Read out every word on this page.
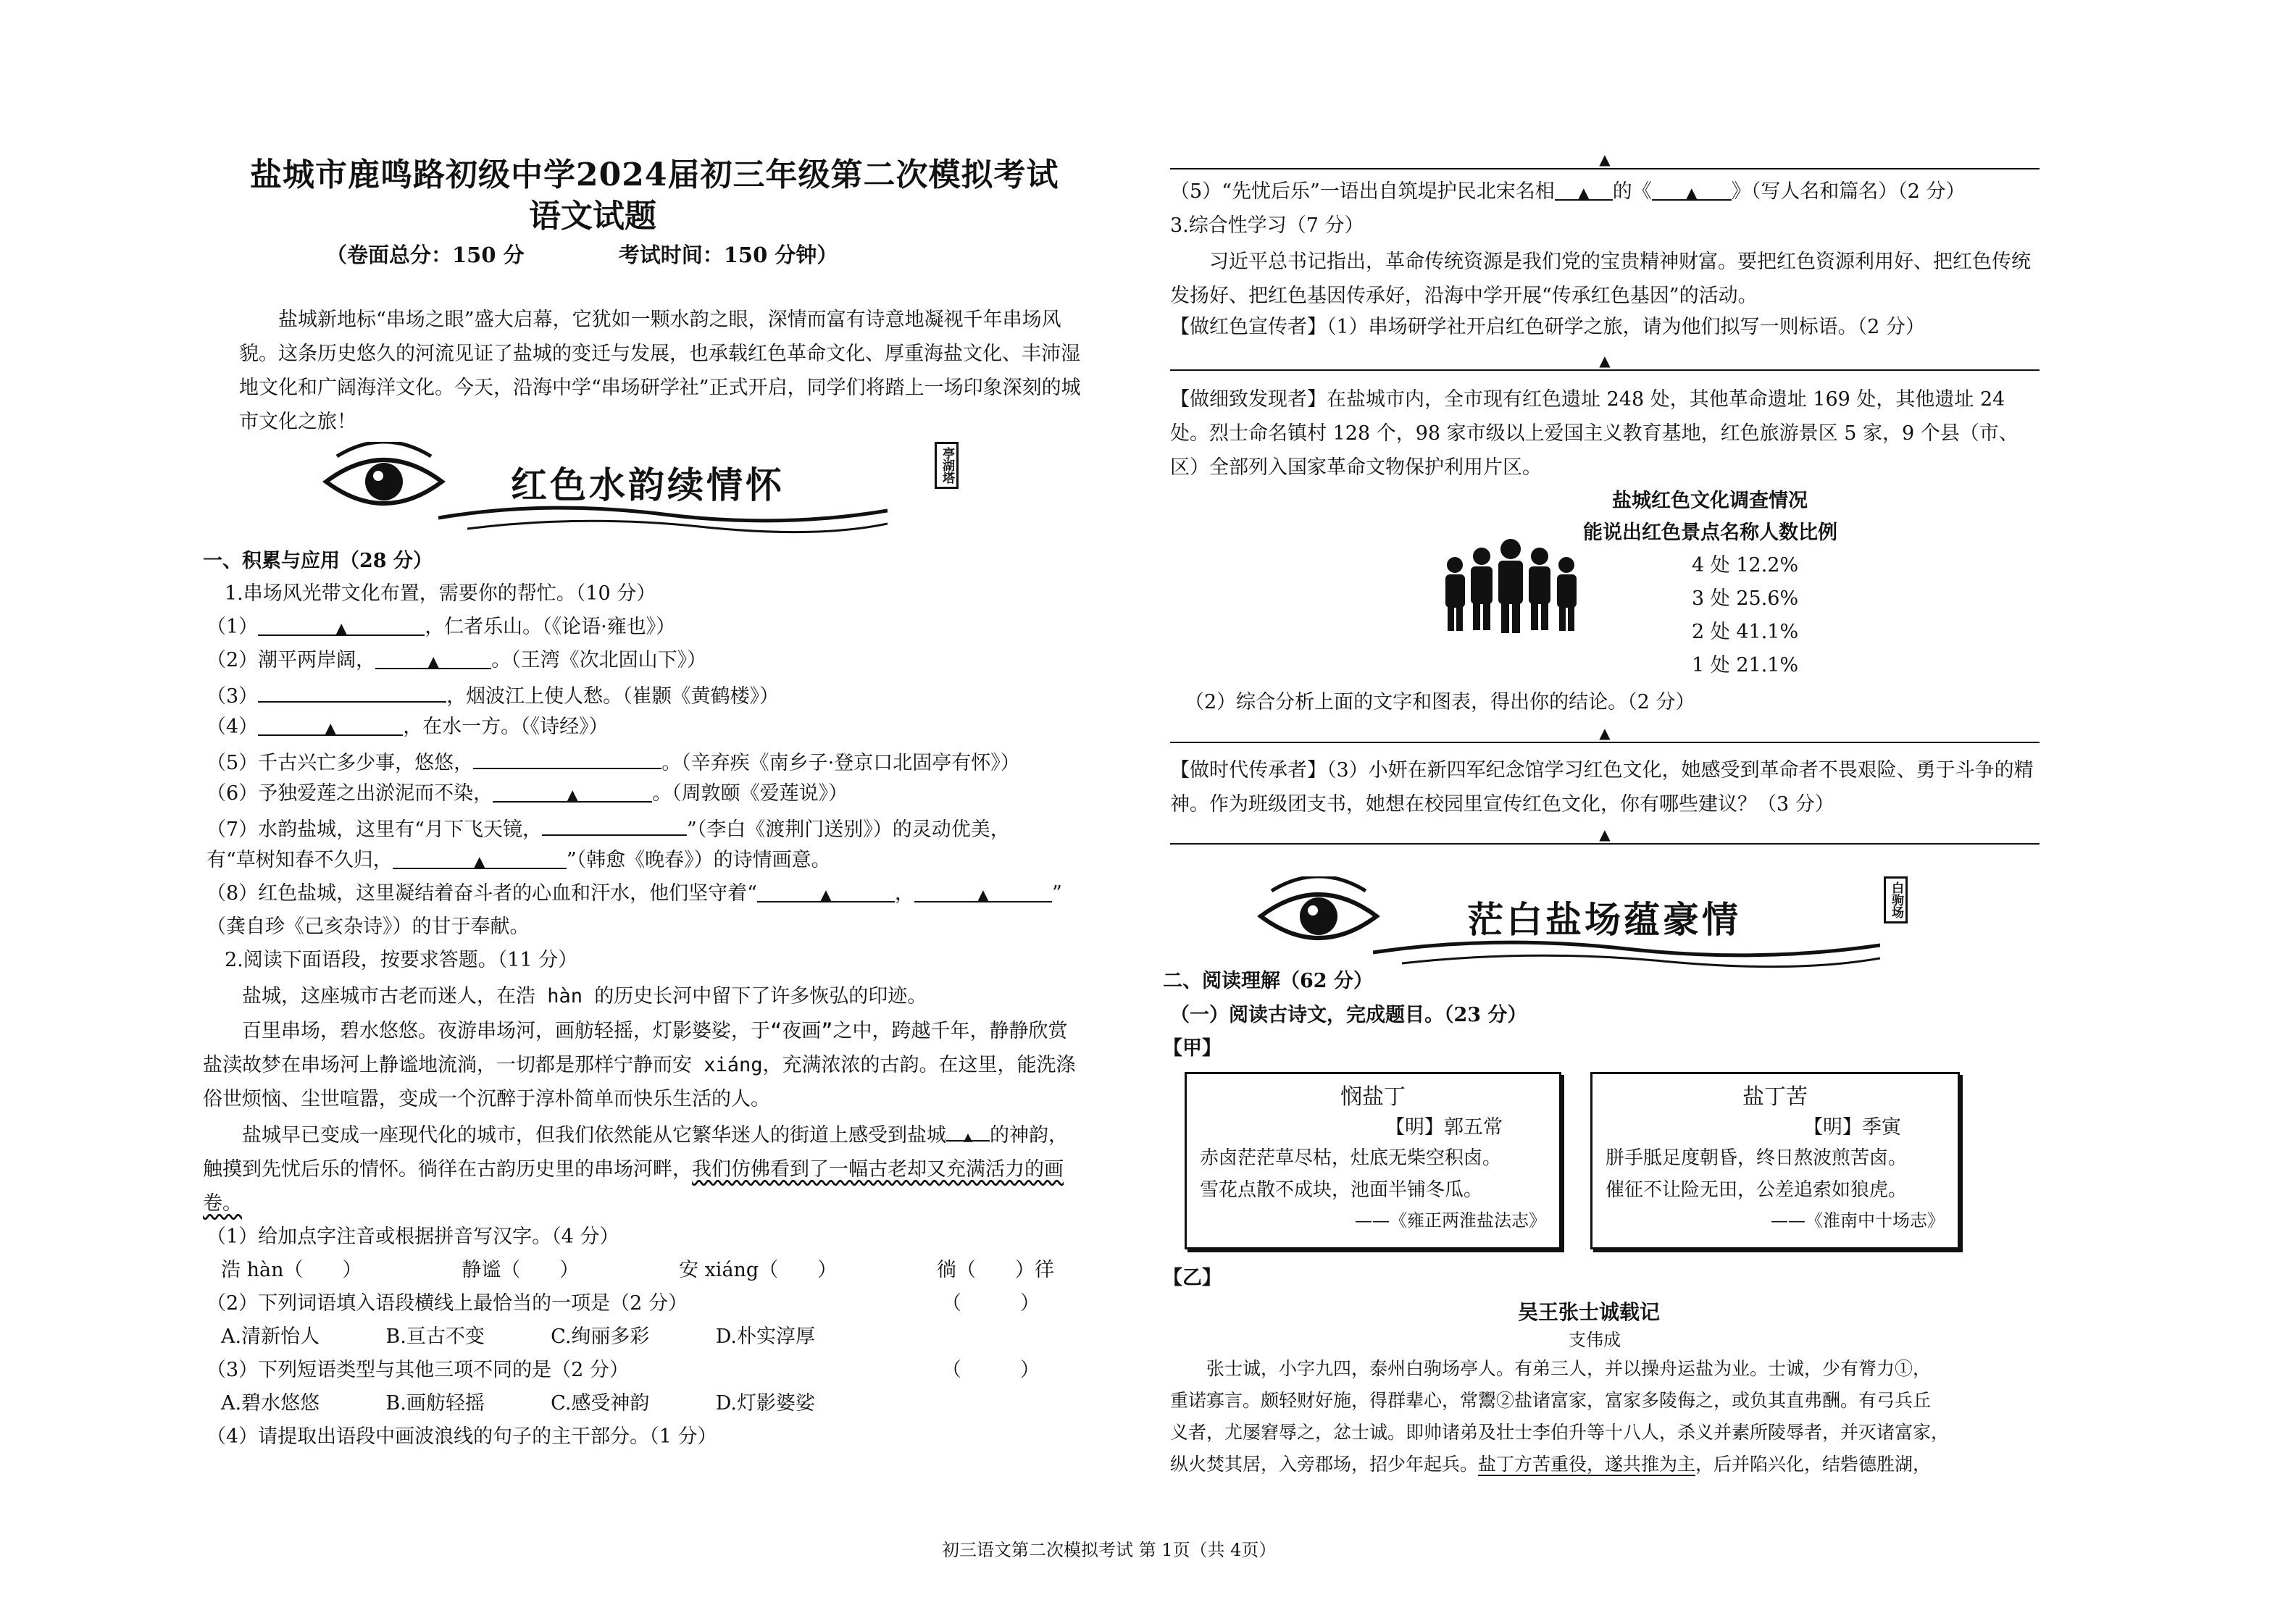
盐城市鹿鸣路初级中学2024届初三年级第二次模拟考试
语文试题
（卷面总分：150 分	考试时间：150 分钟）
盐城新地标“串场之眼”盛大启幕，它犹如一颗水韵之眼，深情而富有诗意地凝视千年串场风貌。这条历史悠久的河流见证了盐城的变迁与发展，也承载红色革命文化、厚重海盐文化、丰沛湿地文化和广阔海洋文化。今天，沿海中学“串场研学社”正式开启，同学们将踏上一场印象深刻的城市文化之旅！
红色水韵续情怀	亭湖塔
一、积累与应用（28 分）
1.串场风光带文化布置，需要你的帮忙。（10 分）
（1）	▲	，仁者乐山。（《论语·雍也》）
（2）潮平两岸阔，	▲	。（王湾《次北固山下》）
（3）	，烟波江上使人愁。（崔颢《黄鹤楼》）
（4）	▲	，在水一方。（《诗经》）
（5）千古兴亡多少事，悠悠，	。（辛弃疾《南乡子·登京口北固亭有怀》）
（6）予独爱莲之出淤泥而不染，	▲	。（周敦颐《爱莲说》）
（7）水韵盐城，这里有“月下飞天镜，	”（李白《渡荆门送别》）的灵动优美，
有“草树知春不久归，	▲	”（韩愈《晚春》）的诗情画意。
（8）红色盐城，这里凝结着奋斗者的心血和汗水，他们坚守着“	▲	，	▲	”
（龚自珍《己亥杂诗》）的甘于奉献。
2.阅读下面语段，按要求答题。（11 分）
盐城，这座城市古老而迷人，在浩 hàn 的历史长河中留下了许多恢弘的印迹。
百里串场，碧水悠悠。夜游串场河，画舫轻摇，灯影婆娑，于“夜画”之中，跨越千年，静静欣赏盐渎故梦在串场河上静谧地流淌，一切都是那样宁静而安 xiáng，充满浓浓的古韵。在这里，能洗涤俗世烦恼、尘世喧嚣，变成一个沉醉于淳朴简单而快乐生活的人。
盐城早已变成一座现代化的城市，但我们依然能从它繁华迷人的街道上感受到盐城 ▲ 的神韵，触摸到先忧后乐的情怀。徜徉在古韵历史里的串场河畔，我们仿佛看到了一幅古老却又充满活力的画卷。
（1）给加点字注音或根据拼音写汉字。（4 分）
浩 hàn（　　）	静谧（　　）	安 xiáng（　　）	徜（　　）徉
（2）下列词语填入语段横线上最恰当的一项是（2 分）	（　　　）
A.清新怡人	B.亘古不变	C.绚丽多彩	D.朴实淳厚
（3）下列短语类型与其他三项不同的是（2 分）	（　　　）
A.碧水悠悠	B.画舫轻摇	C.感受神韵	D.灯影婆娑
（4）请提取出语段中画波浪线的句子的主干部分。（1 分）
▲
（5）“先忧后乐”一语出自筑堤护民北宋名相 ▲ 的《 ▲ 》（写人名和篇名）（2 分）
3.综合性学习（7 分）
习近平总书记指出，革命传统资源是我们党的宝贵精神财富。要把红色资源利用好、把红色传统发扬好、把红色基因传承好，沿海中学开展“传承红色基因”的活动。
【做红色宣传者】（1）串场研学社开启红色研学之旅，请为他们拟写一则标语。（2 分）
▲
【做细致发现者】在盐城市内，全市现有红色遗址 248 处，其他革命遗址 169 处，其他遗址 24 处。烈士命名镇村 128 个，98 家市级以上爱国主义教育基地，红色旅游景区 5 家，9 个县（市、区）全部列入国家革命文物保护利用片区。
盐城红色文化调查情况
能说出红色景点名称人数比例
4 处 12.2%
3 处 25.6%
2 处 41.1%
1 处 21.1%
（2）综合分析上面的文字和图表，得出你的结论。（2 分）
▲
【做时代传承者】（3）小妍在新四军纪念馆学习红色文化，她感受到革命者不畏艰险、勇于斗争的精神。作为班级团支书，她想在校园里宣传红色文化，你有哪些建议？（3 分）
▲
茫白盐场蕴豪情	白驹场
二、阅读理解（62 分）
（一）阅读古诗文，完成题目。（23 分）
【甲】
悯盐丁
【明】郭五常
赤卤茫茫草尽枯，灶底无柴空积卤。
雪花点散不成块，池面半铺冬瓜。
——《雍正两淮盐法志》
盐丁苦
【明】季寅
胼手胝足度朝昏，终日熬波煎苦卤。
催征不让险无田，公差追索如狼虎。
——《淮南中十场志》
【乙】
吴王张士诚载记
支伟成
张士诚，小字九四，泰州白驹场亭人。有弟三人，并以操舟运盐为业。士诚，少有膂力①，
重诺寡言。颇轻财好施，得群辈心，常鬻②盐诸富家，富家多陵侮之，或负其直弗酬。有弓兵丘
义者，尤屡窘辱之，忿士诚。即帅诸弟及壮士李伯升等十八人，杀义并素所陵辱者，并灭诸富家，
纵火焚其居，入旁郡场，招少年起兵。盐丁方苦重役，遂共推为主，后并陷兴化，结砦德胜湖，
初三语文第二次模拟考试 第 1页（共 4页）
